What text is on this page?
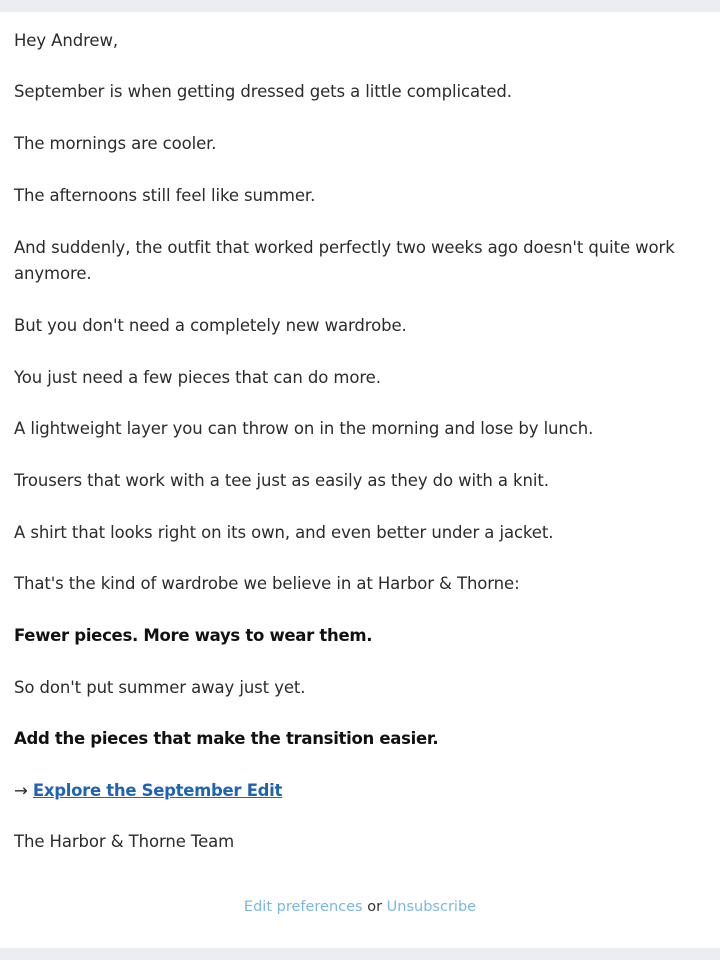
Hey Andrew,

September is when getting dressed gets a little complicated.

The mornings are cooler.

The afternoons still feel like summer.

And suddenly, the outfit that worked perfectly two weeks ago doesn't quite work anymore.

But you don't need a completely new wardrobe.

You just need a few pieces that can do more.

A lightweight layer you can throw on in the morning and lose by lunch.

Trousers that work with a tee just as easily as they do with a knit.

A shirt that looks right on its own, and even better under a jacket.

That's the kind of wardrobe we believe in at Harbor & Thorne:

Fewer pieces. More ways to wear them.

So don't put summer away just yet.

Add the pieces that make the transition easier.

→ Explore the September Edit

The Harbor & Thorne Team

Edit preferences or Unsubscribe
